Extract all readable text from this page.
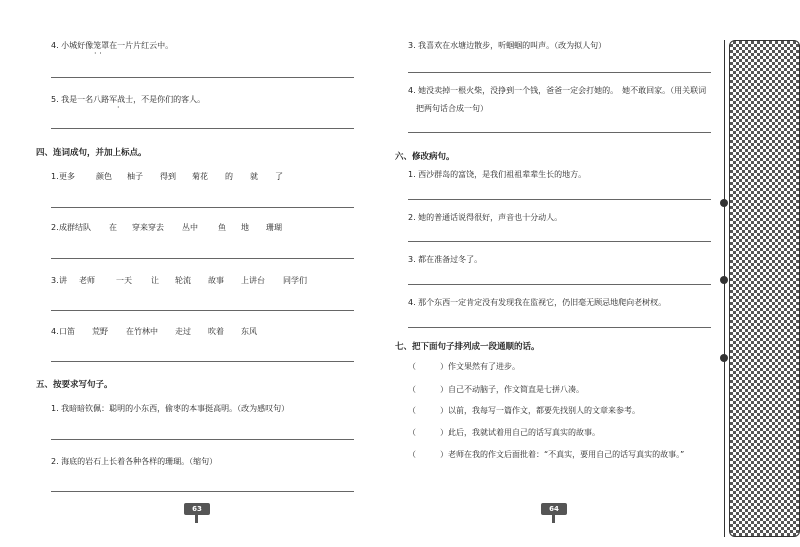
4. 小城好像笼罩在一片片红云中。
· ·
5. 我是一名八路军战士，不是你们的客人。
·
四、连词成句，并加上标点。
1. 更多	颜色 柚子 得到 菊花 的 就 了
2. 成群结队 在 穿来穿去 丛中	鱼 地 珊瑚
3. 讲 老师	一天 让 轮流 故事 上讲台 同学们
4. 口笛 荒野 在竹林中 走过 吹着 东风
五、按要求写句子。
1. 我暗暗钦佩：聪明的小东西，偷枣的本事挺高明。（改为感叹句）
2. 海底的岩石上长着各种各样的珊瑚。（缩句）
63
3. 我喜欢在水塘边散步，听蝈蝈的叫声。（改为拟人句）
4. 她没卖掉一根火柴，没挣到一个钱，爸爸一定会打她的。　她不敢回家。（用关联词
把两句话合成一句）
六、修改病句。
1. 西沙群岛的富饶，是我们祖祖辈辈生长的地方。
2. 她的普通话说得很好，声音也十分动人。
3. 都在准备过冬了。
4. 那个东西一定肯定没有发现我在监视它，仍旧毫无顾忌地爬向老树杈。
七、把下面句子排列成一段通顺的话。
（	）作文果然有了进步。
（	）自己不动脑子，作文简直是七拼八凑。
（	）以前，我每写一篇作文，都要先找别人的文章来参考。
（	）此后，我就试着用自己的话写真实的故事。
（	）老师在我的作文后面批着：“不真实，要用自己的话写真实的故事。”
64
